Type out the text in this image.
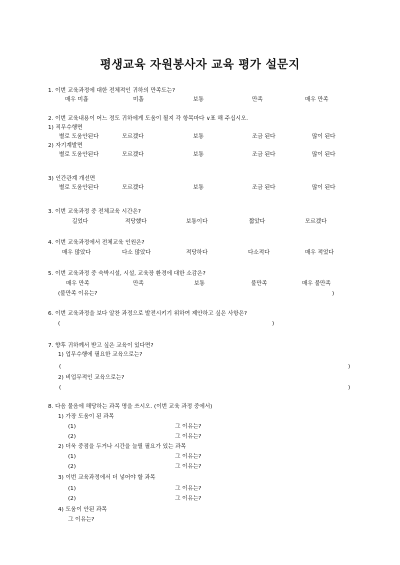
평생교육 자원봉사자 교육 평가 설문지
1. 이번 교육과정에 대한 전체적인 귀하의 만족도는?
매우 미흡	미흡	보통	만족	매우 만족
2. 이번 교육내용이 어느 정도 귀하에게 도움이 될지 각 항목마다 ∨표 해 주십시오.
1) 직무수행면
별로 도움안된다	모르겠다	보통	조금 된다	많이 된다
2) 자기계발면
별로 도움안된다	모르겠다	보통	조금 된다	많이 된다
3) 인간관계 개선면
별로 도움안된다	모르겠다	보통	조금 된다	많이 된다
3. 이번 교육과정 중 전체교육 시간은?
길었다	적당했다	보통이다	짧았다	모르겠다
4. 이번 교육과정에서 전체교육 인원은?
매우 많았다	다소 많았다	적당하다	다소적다	매우 적었다
5. 이번 교육과정 중 숙박시설, 시설, 교육장 환경에 대한 소감은?
매우 만족	만족	보통	불만족	매우 불만족
(불만족 이유는?	)
6. 이번 교육과정을 보다 알찬 과정으로 발전시키기 위하여 제안하고 싶은 사항은?
(	)
7. 향후 귀하께서 받고 싶은 교육이 있다면?
1) 업무수행에 필요한 교육으로는?
(	)
2) 비업무적인 교육으로는?
(	)
8. 다음 물음에 해당하는 과목 명을 쓰시오. (이번 교육 과정 중에서)
1) 가장 도움이 된 과목
(1)	그 이유는?
(2)	그 이유는?
2) 더욱 중점을 두거나 시간을 늘릴 필요가 있는 과목
(1)	그 이유는?
(2)	그 이유는?
3) 이번 교육과정에서 더 넣어야 할 과목
(1)	그 이유는?
(2)	그 이유는?
4) 도움이 안된 과목
그 이유는?
